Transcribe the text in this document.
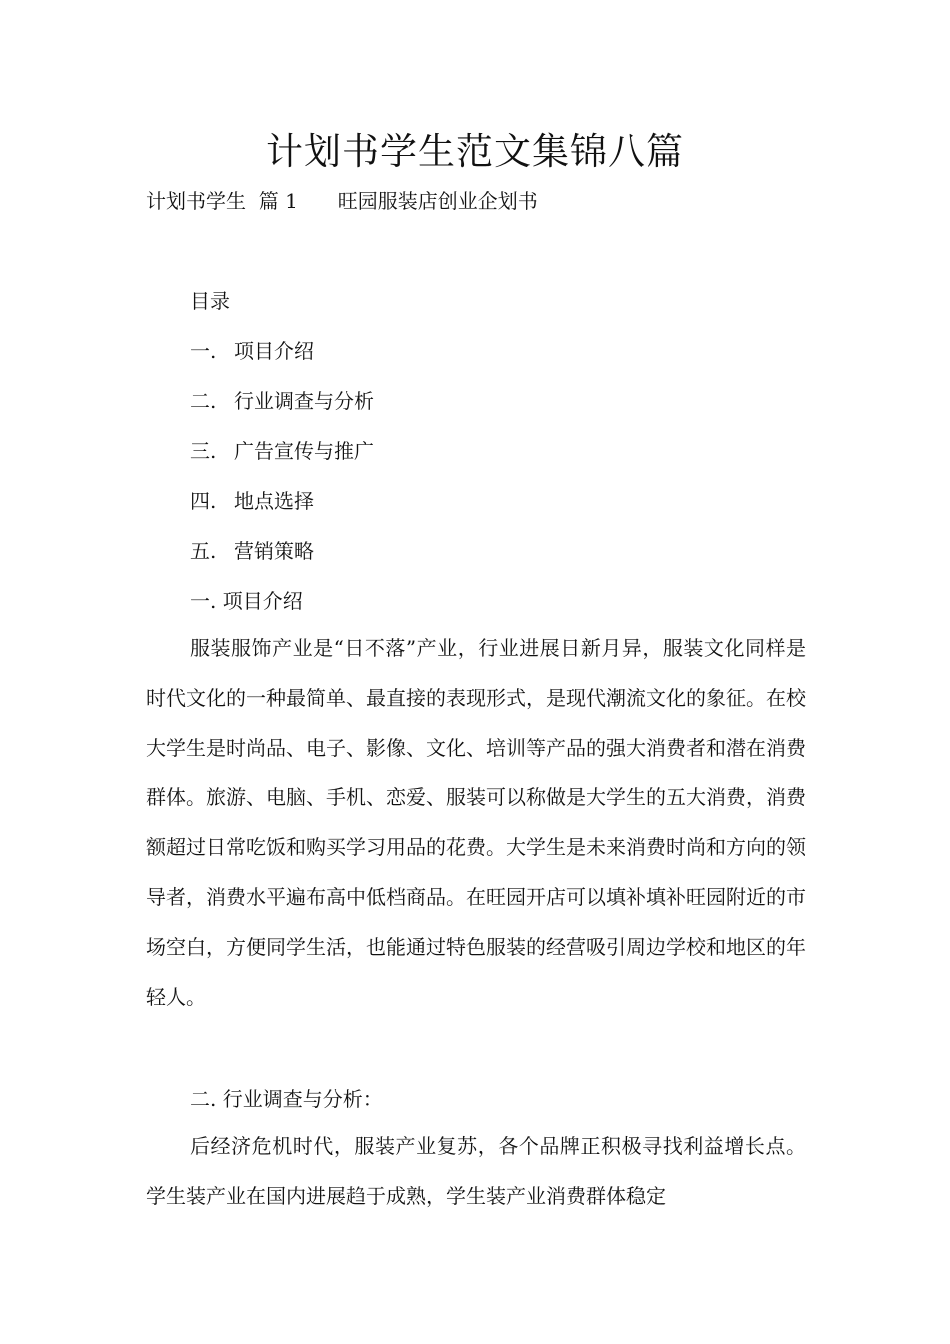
计划书学生范文集锦八篇
计划书学生  篇 1 旺园服装店创业企划书
目录
一. 项目介绍
二. 行业调查与分析
三. 广告宣传与推广
四. 地点选择
五. 营销策略
一. 项目介绍

服装服饰产业是“日不落”产业，行业进展日新月异，服装文化同样是时代文化的一种最简单、最直接的表现形式，是现代潮流文化的象征。在校大学生是时尚品、电子、影像、文化、培训等产品的强大消费者和潜在消费群体。旅游、电脑、手机、恋爱、服装可以称做是大学生的五大消费，消费额超过日常吃饭和购买学习用品的花费。大学生是未来消费时尚和方向的领导者，消费水平遍布高中低档商品。在旺园开店可以填补填补旺园附近的市场空白，方便同学生活，也能通过特色服装的经营吸引周边学校和地区的年轻人。

二. 行业调查与分析：

后经济危机时代，服装产业复苏，各个品牌正积极寻找利益增长点。学生装产业在国内进展趋于成熟，学生装产业消费群体稳定
